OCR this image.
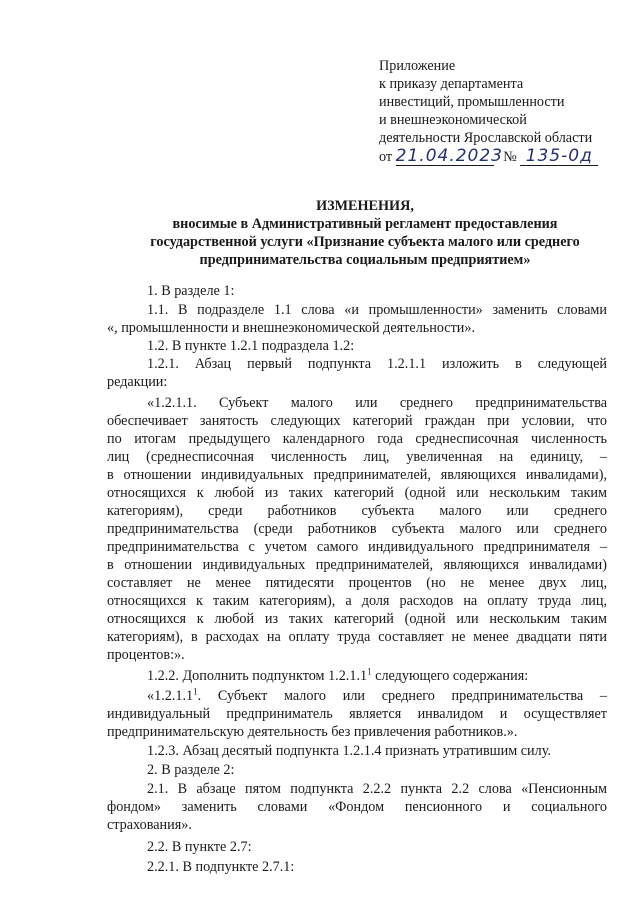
Приложение
к приказу департамента
инвестиций, промышленности
и внешнеэкономической
деятельности Ярославской области
от 21.04.2023 № 135-0д
ИЗМЕНЕНИЯ,
вносимые в Административный регламент предоставления
государственной услуги «Признание субъекта малого или среднего
предпринимательства социальным предприятием»
1. В разделе 1:
1.1. В подразделе 1.1 слова «и промышленности» заменить словами
«, промышленности и внешнеэкономической деятельности».
1.2. В пункте 1.2.1 подраздела 1.2:
1.2.1. Абзац первый подпункта 1.2.1.1 изложить в следующей
редакции:
«1.2.1.1. Субъект малого или среднего предпринимательства
обеспечивает занятость следующих категорий граждан при условии, что
по итогам предыдущего календарного года среднесписочная численность
лиц (среднесписочная численность лиц, увеличенная на единицу, –
в отношении индивидуальных предпринимателей, являющихся инвалидами),
относящихся к любой из таких категорий (одной или нескольким таким
категориям), среди работников субъекта малого или среднего
предпринимательства (среди работников субъекта малого или среднего
предпринимательства с учетом самого индивидуального предпринимателя –
в отношении индивидуальных предпринимателей, являющихся инвалидами)
составляет не менее пятидесяти процентов (но не менее двух лиц,
относящихся к таким категориям), а доля расходов на оплату труда лиц,
относящихся к любой из таких категорий (одной или нескольким таким
категориям), в расходах на оплату труда составляет не менее двадцати пяти
процентов:».
1.2.2. Дополнить подпунктом 1.2.1.1$^1$ следующего содержания:
«1.2.1.1$^1$ . Субъект малого или среднего предпринимательства –
индивидуальный предприниматель является инвалидом и осуществляет
предпринимательскую деятельность без привлечения работников.».
1.2.3. Абзац десятый подпункта 1.2.1.4 признать утратившим силу.
2. В разделе 2:
2.1. В абзаце пятом подпункта 2.2.2 пункта 2.2 слова «Пенсионным
фондом» заменить словами «Фондом пенсионного и социального
страхования».
2.2. В пункте 2.7:
2.2.1. В подпункте 2.7.1:
